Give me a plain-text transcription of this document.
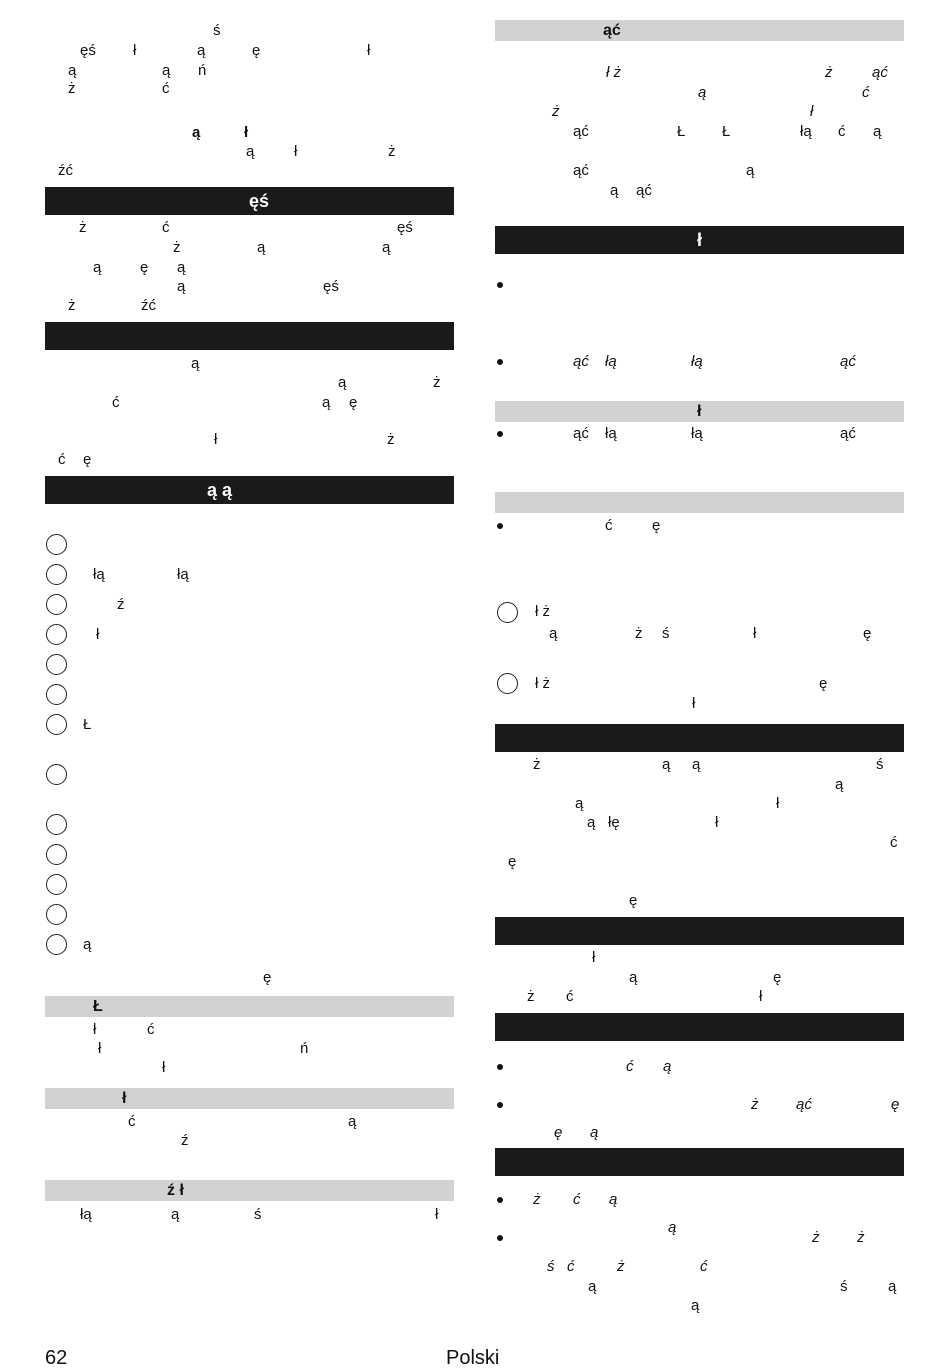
ś
ęś ł	ą	ę	ł
ą	ą ń
ż	ć
ą	ł
ą	ł	ż
źć
ęś
ż	ć	ęś
ż	ą	ą
ą	ę ą
ą	ęś
ż	źć
ą
ą	ż
ć	ą ę
ł	ż
ć ę
ą ą
łą	łą
ź
ł
Ł
ą
ę
Ł
ł	ć
ł	ń
ł
ł
ć	ą
ź
ź ł
łą	ą	ś	ł
ąć
ł ż	ż	ąć
ą	ć
ż	ł
ąć	Ł Ł	łą ć ą
ąć	ą
ą ąć
ł
ąć łą	łą	ąć
ł
ąć łą	łą	ąć
ć	ę
ł ż
ą	ż ś	ł	ę
ł ż	ę
ł
ż	ą ą	ś
ą
ą	ł
ą łę	ł
ć
ę
ę
ł
ą	ę
ż ć	ł
ć ą
ż	ąć	ę
ę ą
ż ć ą
ż	ż
ą
ś ć	ż	ć
ą	ś	ą
ą
62	Polski
